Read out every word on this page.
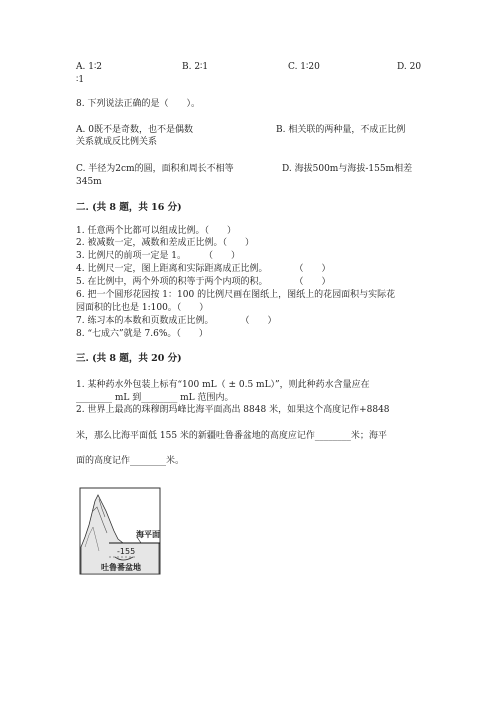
A. 1∶2
∶1
B. 2∶1	C. 1∶20	D. 20
8. 下列说法正确的是（　　）。
A. 0既不是奇数，也不是偶数	B. 相关联的两种量，不成正比例
关系就成反比例关系
C. 半径为2cm的圆，面积和周长不相等	D. 海拔500m与海拔-155m相差
345m
二. (共 8 题，共 16 分)
1. 任意两个比都可以组成比例。（　　）
2. 被减数一定，减数和差成正比例。（　　）
3. 比例尺的前项一定是 1。　　　（　　）
4. 比例尺一定，图上距离和实际距离成正比例。　　　　（　　）
5. 在比例中，两个外项的积等于两个内项的积。　　　　（　　）
6. 把一个圆形花园按 1：100 的比例尺画在图纸上，图纸上的花园面积与实际花
园面积的比也是 1:100。（　　）
7. 练习本的本数和页数成正比例。　　　　（　　）
8. “七成六”就是 7.6%。（　　）
三. (共 8 题，共 20 分)
1. 某种药水外包装上标有“100 mL（ ± 0.5 mL）”，则此种药水含量应在
________ mL 到________ mL 范围内。
2. 世界上最高的珠穆朗玛峰比海平面高出 8848 米，如果这个高度记作+8848
米，那么比海平面低 155 米的新疆吐鲁番盆地的高度应记作________米；海平
面的高度记作________米。
海平面
-155
吐鲁番盆地
